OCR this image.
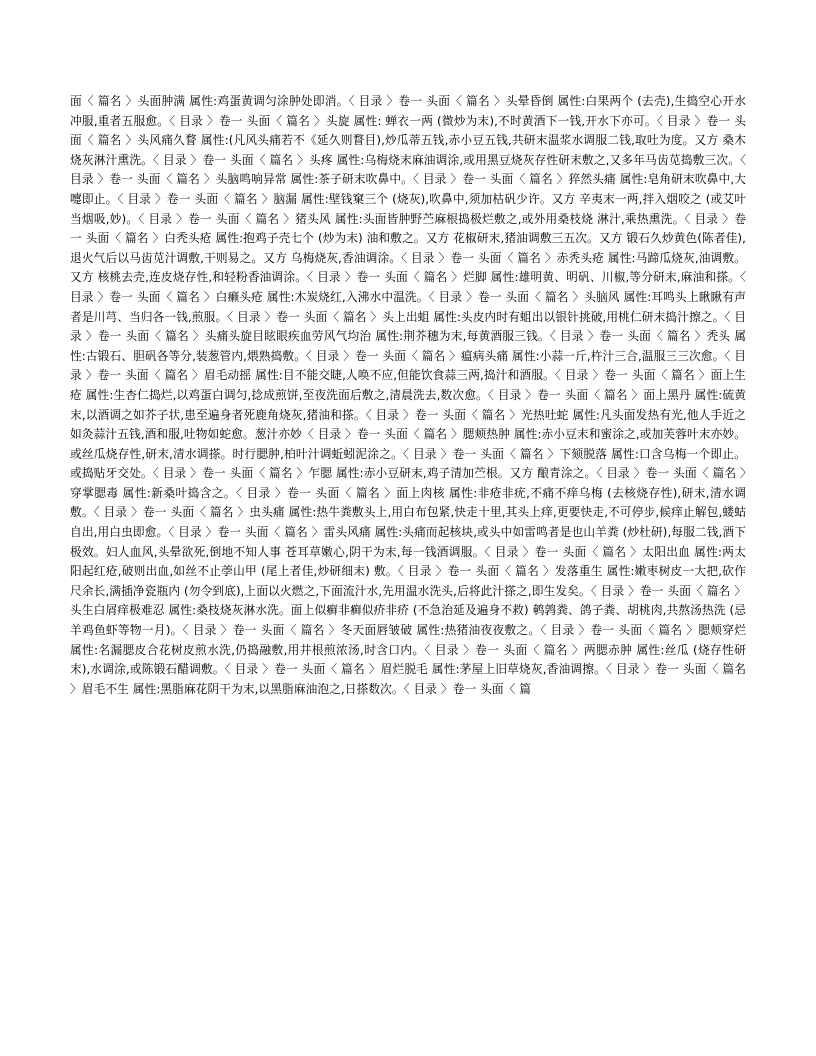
面〈 篇名 〉头面肿满 属性:鸡蛋黄调匀涂肿处即消。〈 目录 〉卷一 头面〈 篇名 〉头晕昏倒 属性:白果两个 (去壳),生捣空心开水冲服,重者五服愈。〈 目录 〉卷一 头面〈 篇名 〉头旋 属性: 蝉衣一两 (微炒为末),不时黄酒下一钱,开水下亦可。〈 目录 〉卷一 头面〈 篇名 〉头风痛久瞀 属性:(凡风头痛若不《延久则瞀目),炒瓜蒂五钱,赤小豆五钱,共研末温浆水调服二钱,取吐为度。又方 桑木烧灰淋汁熏洗。〈 目录 〉卷一 头面〈 篇名 〉头疼 属性:乌梅烧末麻油调涂,或用黑豆烧灰存性研末敷之,又多年马齿苋捣敷三次。〈 目录 〉卷一 头面〈 篇名 〉头脑鸣响异常 属性:茶子研末吹鼻中。〈 目录 〉卷一 头面〈 篇名 〉猝然头痛 属性:皂角研末吹鼻中,大嚏即止。〈 目录 〉卷一 头面〈 篇名 〉脑漏 属性:壁钱窠三个 (烧灰),吹鼻中,须加枯矾少许。又方 辛夷末一两,拌入烟咬之 (或艾叶当烟吸,妙)。〈 目录 〉卷一 头面〈 篇名 〉猪头风 属性:头面皆肿野苎麻根捣极烂敷之,或外用桑枝烧 淋汁,乘热熏洗。〈 目录 〉卷一 头面〈 篇名 〉白秃头疮 属性:抱鸡子壳七个 (炒为末) 油和敷之。又方 花椒研末,猪油调敷三五次。又方 锻石久炒黄色(陈者佳),退火气后以马齿苋汁调敷,干则易之。又方 乌梅烧灰,香油调涂。〈 目录 〉卷一 头面〈 篇名 〉赤秃头疮 属性:马蹄瓜烧灰,油调敷。又方 核桃去壳,连皮烧存性,和轻粉香油调涂。〈 目录 〉卷一 头面〈 篇名 〉烂脚 属性:雄明黄、明矾、川椒,等分研末,麻油和搽。〈 目录 〉卷一 头面〈 篇名 〉白癞头疮 属性:木炭烧红,入沸水中温洗。〈 目录 〉卷一 头面〈 篇名 〉头脑风 属性:耳鸣头上瞅瞅有声者是川芎、当归各一钱,煎服。〈 目录 〉卷一 头面〈 篇名 〉头上出蛆 属性:头皮内时有蛆出以银针挑破,用桃仁研末捣汁擦之。〈 目录 〉卷一 头面〈 篇名 〉头痛头旋目眩眼疾血劳风气均治 属性:荆芥穗为末,每黄酒服三钱。〈 目录 〉卷一 头面〈 篇名 〉秃头 属性:古锻石、胆矾各等分,装葱管内,煨熟捣敷。〈 目录 〉卷一 头面〈 篇名 〉瘟病头痛 属性:小蒜一斤,杵汁三合,温服三三次愈。〈 目录 〉卷一 头面〈 篇名 〉眉毛动摇 属性:目不能交睫,人唤不应,但能饮食蒜三两,捣汁和酒服。〈 目录 〉卷一 头面〈 篇名 〉面上生疮 属性:生杏仁捣烂,以鸡蛋白调匀,捻成煎饼,至夜洗面后敷之,清晨洗去,数次愈。〈 目录 〉卷一 头面〈 篇名 〉面上黑丹 属性:硫黄末,以酒调之如芥子状,患至遍身者死鹿角烧灰,猪油和搽。〈 目录 〉卷一 头面〈 篇名 〉光热吐蛇 属性:凡头面发热有光,他人手近之如灸蒜汁五钱,酒和服,吐物如蛇愈。葱汁亦妙〈 目录 〉卷一 头面〈 篇名 〉腮颊热肿 属性:赤小豆末和蜜涂之,或加芙蓉叶末亦妙。或丝瓜烧存性,研末,清水调搽。时行腮肿,柏叶汁调蚯蚓泥涂之。〈 目录 〉卷一 头面〈 篇名 〉下颏脱落 属性:口含乌梅一个即止。或捣贴牙交处。〈 目录 〉卷一 头面〈 篇名 〉乍腮 属性:赤小豆研末,鸡子清加苎根。又方 酿青涂之。〈 目录 〉卷一 头面〈 篇名 〉穿掌腮毒 属性:新桑叶捣含之。〈 目录 〉卷一 头面〈 篇名 〉面上肉核 属性:非疮非疣,不痛不痒乌梅 (去核烧存性),研末,清水调敷。〈 目录 〉卷一 头面〈 篇名 〉虫头痛 属性:热牛粪敷头上,用白布包紧,快走十里,其头上痒,更要快走,不可停步,候痒止解包,蝼蛄自出,用白虫即愈。〈 目录 〉卷一 头面〈 篇名 〉雷头风痛 属性:头痛而起核块,或头中如雷鸣者是也山羊粪 (炒杜研),每服二钱,酒下极效。妇人血风,头晕欲死,倒地不知人事 苍耳草嫩心,阴干为末,每一钱酒调服。〈 目录 〉卷一 头面〈 篇名 〉太阳出血 属性:两太阳起红疮,破则出血,如丝不止荸山甲 (尾上者佳,炒研细末) 敷。〈 目录 〉卷一 头面〈 篇名 〉发落重生 属性:嫩枣树皮一大把,砍作尺余长,满插净瓷瓶内 (勿令到底),上面以火燃之,下面流汁水,先用温水洗头,后将此汁搽之,即生发矣。〈 目录 〉卷一 头面〈 篇名 〉头生白屑痒极难忍 属性:桑枝烧灰淋水洗。面上似癣非癣似疥非疥 (不急治延及遍身不救) 鹌鹑粪、鸽子粪、胡桃肉,共熬汤热洗 (忌羊鸡鱼虾等物一月)。〈 目录 〉卷一 头面〈 篇名 〉冬天面唇皱破 属性:热猪油夜夜敷之。〈 目录 〉卷一 头面〈 篇名 〉腮颊穿烂 属性:名漏腮皮合花树皮煎水洗,仍捣融敷,用井根煎浓汤,时含口内。〈 目录 〉卷一 头面〈 篇名 〉两腮赤肿 属性:丝瓜 (烧存性研末),水调涂,或陈锻石醋调敷。〈 目录 〉卷一 头面〈 篇名 〉眉烂脱毛 属性:茅屋上旧草烧灰,香油调擦。〈 目录 〉卷一 头面〈 篇名 〉眉毛不生 属性:黑脂麻花阴干为末,以黑脂麻油泡之,日搽数次。〈 目录 〉卷一 头面〈 篇
